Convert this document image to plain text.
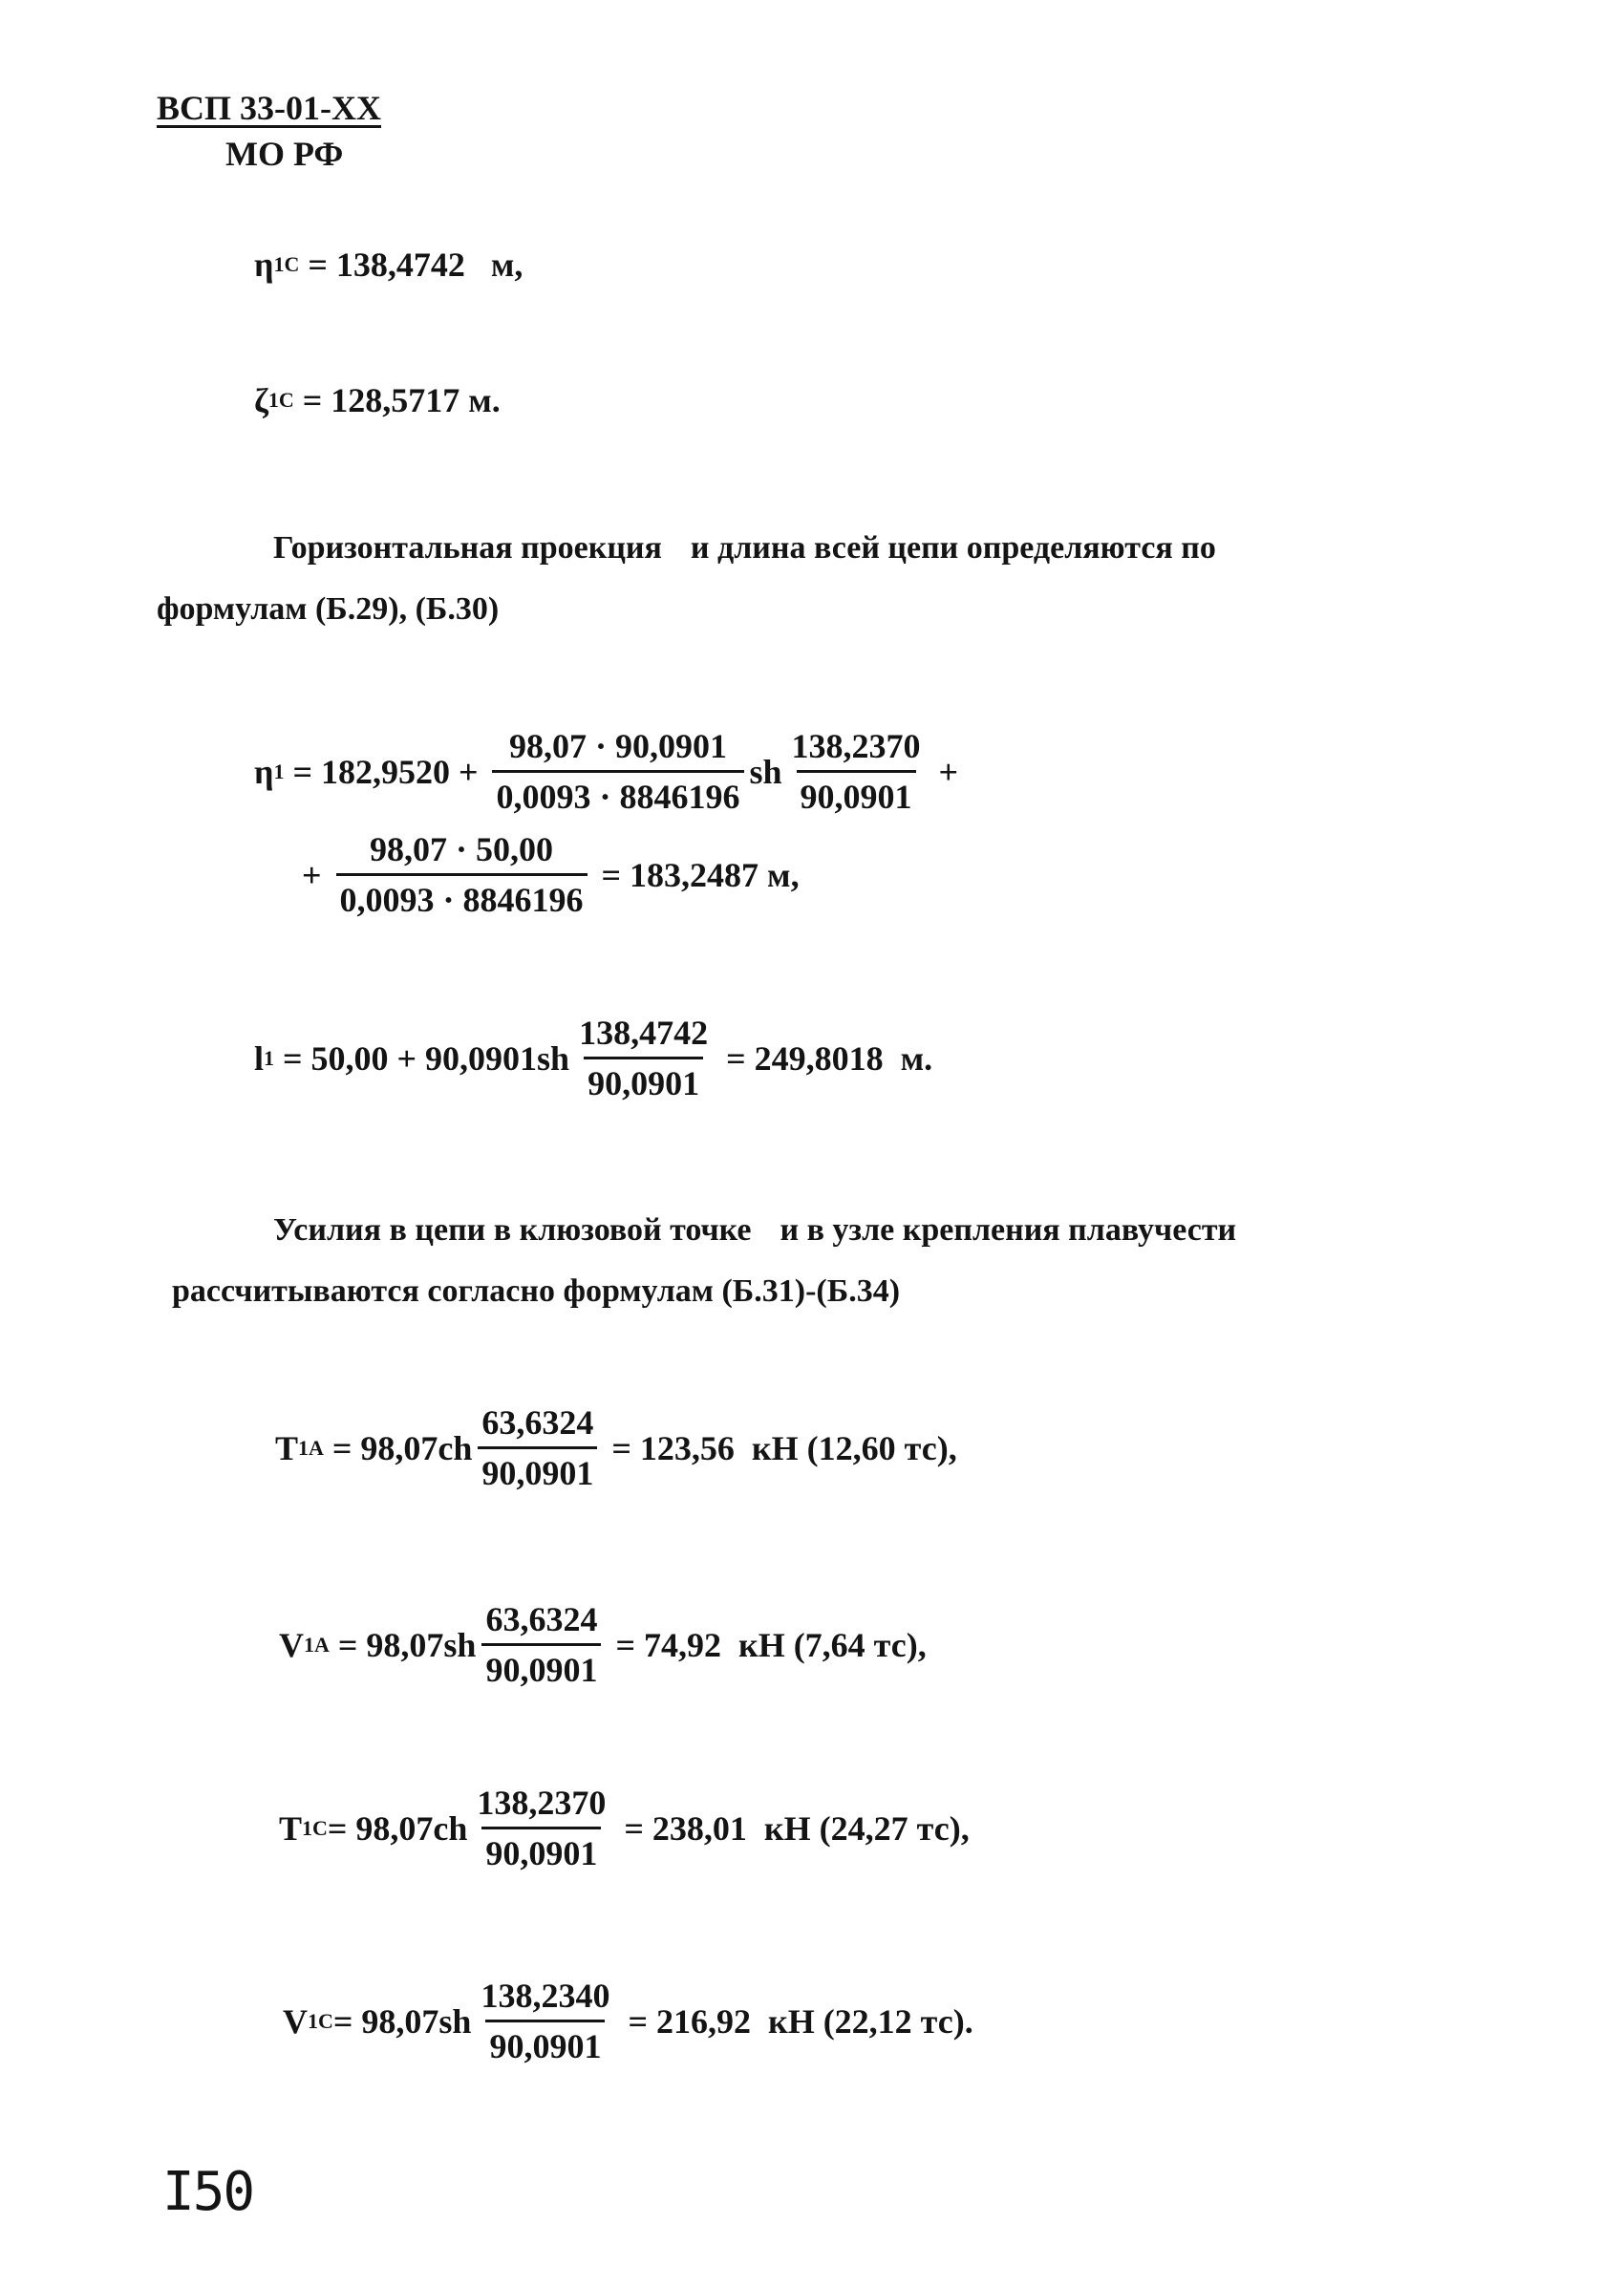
ВСП 33-01-XX
МО РФ
η 1C = 138,4742   м,
ζ 1C = 128,5717 м.
Горизонтальная проекция и длина всей цепи определяются по
формулам (Б.29), (Б.30)
η $1 = 182,9520 + \frac{98,07 \cdot 90,0901}{0,0093 \cdot 8846196}$ sh $\frac{138,2370}{90,0901}$ +
+ $\frac{98,07 \cdot 50,00}{0,0093 \cdot 8846196} = 183,2487$ м,
l $1 = 50,00 + 90,0901sh \frac{138,4742}{90,0901} = 249,8018$  м.
Усилия в цепи в клюзовой точке и в узле крепления плавучести
рассчитываются согласно формулам (Б.31)-(Б.34)
T $1A = 98,07ch \frac{63,6324}{90,0901} = 123,56$  кН (12,60 тс),
V $1A = 98,07sh \frac{63,6324}{90,0901} = 74,92$  кН (7,64 тс),
T $1C = 98,07ch \frac{138,2370}{90,0901} = 238,01$  кН (24,27 тс),
V $1C = 98,07sh \frac{138,2340}{90,0901} = 216,92$  кН (22,12 тс).
I50
